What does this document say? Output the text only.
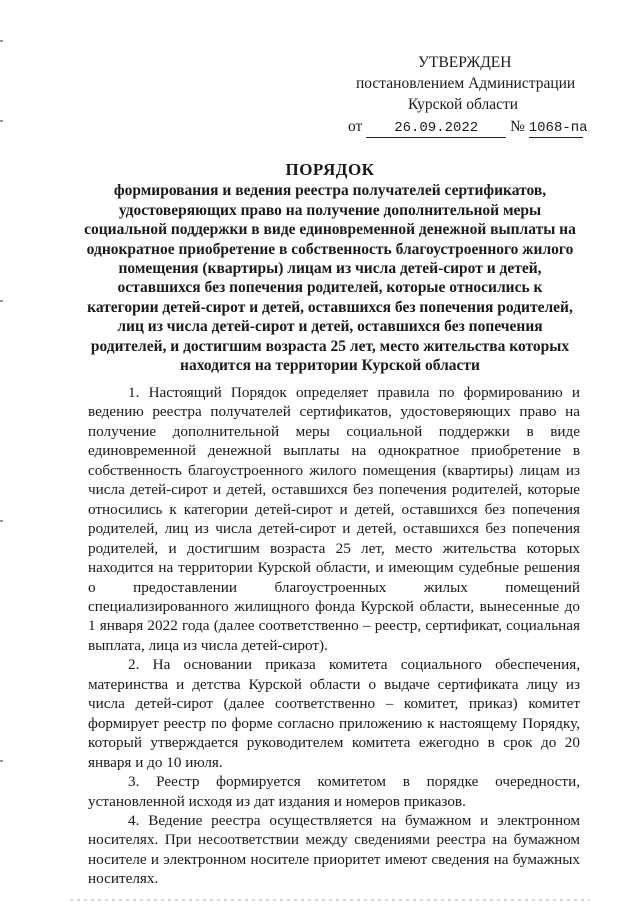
УТВЕРЖДЕН
постановлением Администрации
Курской области
от 26.09.2022 № 1068-па
ПОРЯДОК
формирования и ведения реестра получателей сертификатов,
удостоверяющих право на получение дополнительной меры
социальной поддержки в виде единовременной денежной выплаты на
однократное приобретение в собственность благоустроенного жилого
помещения (квартиры) лицам из числа детей-сирот и детей,
оставшихся без попечения родителей, которые относились к
категории детей-сирот и детей, оставшихся без попечения родителей,
лиц из числа детей-сирот и детей, оставшихся без попечения
родителей, и достигшим возраста 25 лет, место жительства которых
находится на территории Курской области

1. Настоящий Порядок определяет правила по формированию и ведению реестра получателей сертификатов, удостоверяющих право на получение дополнительной меры социальной поддержки в виде единовременной денежной выплаты на однократное приобретение в собственность благоустроенного жилого помещения (квартиры) лицам из числа детей-сирот и детей, оставшихся без попечения родителей, которые относились к категории детей-сирот и детей, оставшихся без попечения родителей, лиц из числа детей-сирот и детей, оставшихся без попечения родителей, и достигшим возраста 25 лет, место жительства которых находится на территории Курской области, и имеющим судебные решения о предоставлении благоустроенных жилых помещений специализированного жилищного фонда Курской области, вынесенные до 1 января 2022 года (далее соответственно – реестр, сертификат, социальная выплата, лица из числа детей-сирот).

2. На основании приказа комитета социального обеспечения, материнства и детства Курской области о выдаче сертификата лицу из числа детей-сирот (далее соответственно – комитет, приказ) комитет формирует реестр по форме согласно приложению к настоящему Порядку, который утверждается руководителем комитета ежегодно в срок до 20 января и до 10 июля.

3. Реестр формируется комитетом в порядке очередности, установленной исходя из дат издания и номеров приказов.

4. Ведение реестра осуществляется на бумажном и электронном носителях. При несоответствии между сведениями реестра на бумажном носителе и электронном носителе приоритет имеют сведения на бумажных носителях.
